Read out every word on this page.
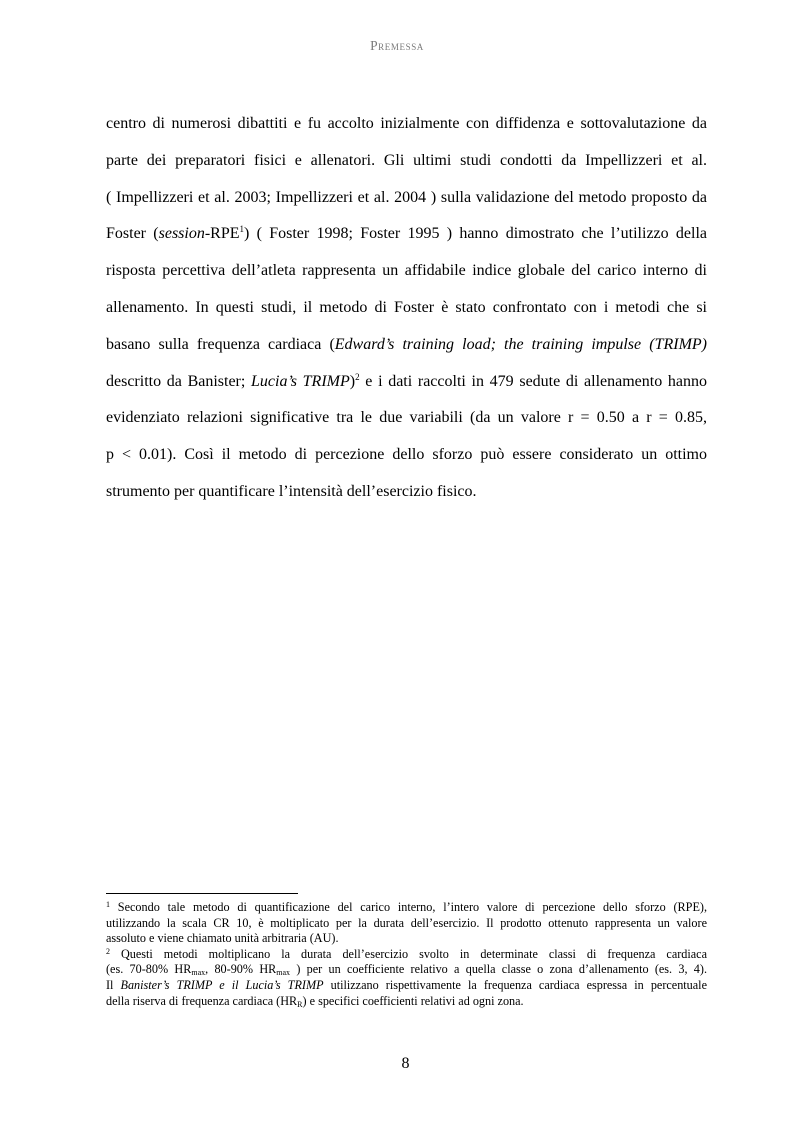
Premessa
centro di numerosi dibattiti e fu accolto inizialmente con diffidenza e sottovalutazione da
parte dei preparatori fisici e allenatori. Gli ultimi studi condotti da Impellizzeri et al.
( Impellizzeri et al. 2003; Impellizzeri et al. 2004 ) sulla validazione del metodo proposto da
Foster (session-RPE$^1$) ( Foster 1998; Foster 1995 ) hanno dimostrato che l’utilizzo della
risposta percettiva dell’atleta rappresenta un affidabile indice globale del carico interno di
allenamento. In questi studi, il metodo di Foster è stato confrontato con i metodi che si
basano sulla frequenza cardiaca (Edward’s training load; the training impulse (TRIMP)
descritto da Banister; Lucia’s TRIMP)$^2$ e i dati raccolti in 479 sedute di allenamento hanno
evidenziato relazioni significative tra le due variabili (da un valore r = 0.50 a r = 0.85,
p < 0.01). Così il metodo di percezione dello sforzo può essere considerato un ottimo
strumento per quantificare l’intensità dell’esercizio fisico.
$^1$ Secondo tale metodo di quantificazione del carico interno, l’intero valore di percezione dello sforzo (RPE),
utilizzando la scala CR 10, è moltiplicato per la durata dell’esercizio. Il prodotto ottenuto rappresenta un valore
assoluto e viene chiamato unità arbitraria (AU).
$^2$ Questi metodi moltiplicano la durata dell’esercizio svolto in determinate classi di frequenza cardiaca
(es. 70-80% $HR_{max}$, 80-90% $HR_{max}$ ) per un coefficiente relativo a quella classe o zona d’allenamento (es. 3, 4).
Il Banister’s TRIMP e il Lucia’s TRIMP utilizzano rispettivamente la frequenza cardiaca espressa in percentuale
della riserva di frequenza cardiaca $(HR_R)$ e specifici coefficienti relativi ad ogni zona.
8
